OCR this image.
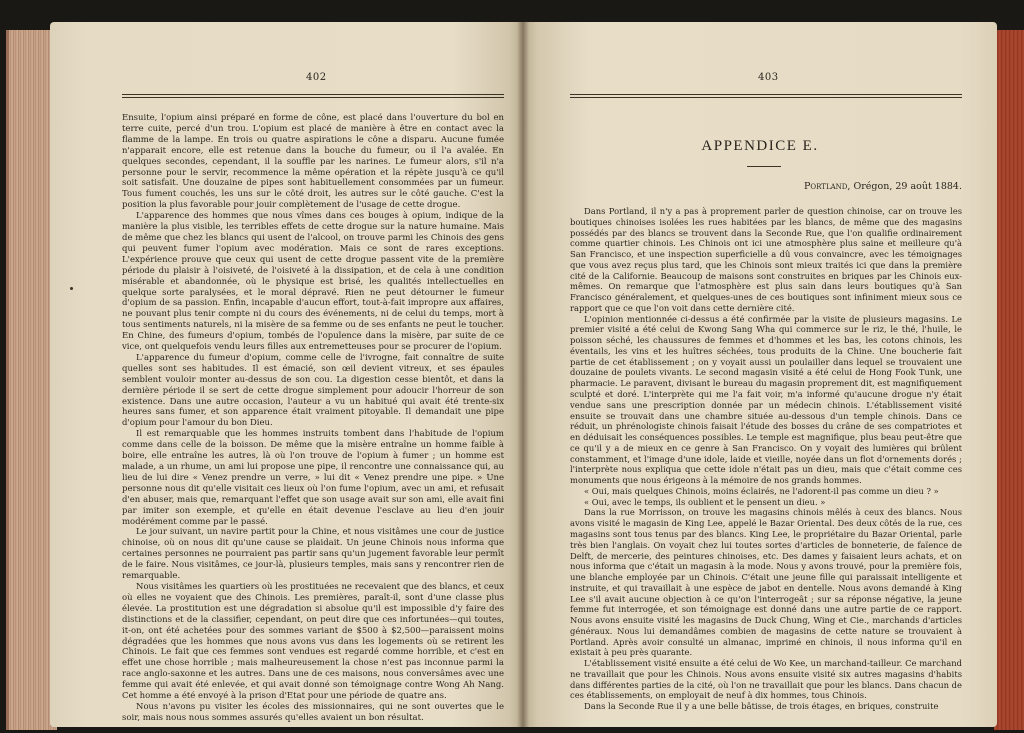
402

Ensuite, l'opium ainsi préparé en forme de cône, est placé dans l'ouverture du bol en terre cuite, percé d'un trou. L'opium est placé de manière à être en contact avec la flamme de la lampe. En trois ou quatre aspirations le cône a disparu. Aucune fumée n'apparait encore, elle est retenue dans la bouche du fumeur, ou il l'a avalée. En quelques secondes, cependant, il la souffle par les narines. Le fumeur alors, s'il n'a personne pour le servir, recommence la même opération et la répète jusqu'à ce qu'il soit satisfait. Une douzaine de pipes sont habituellement consommées par un fumeur. Tous fument couchés, les uns sur le côté droit, les autres sur le côté gauche. C'est la position la plus favorable pour jouir complètement de l'usage de cette drogue.

L'apparence des hommes que nous vîmes dans ces bouges à opium, indique de la manière la plus visible, les terribles effets de cette drogue sur la nature humaine. Mais de même que chez les blancs qui usent de l'alcool, on trouve parmi les Chinois des gens qui peuvent fumer l'opium avec modération. Mais ce sont de rares exceptions. L'expérience prouve que ceux qui usent de cette drogue passent vite de la première période du plaisir à l'oisiveté, de l'oisiveté à la dissipation, et de cela à une condition misérable et abandonnée, où le physique est brisé, les qualités intellectuelles en quelque sorte paralysées, et le moral dépravé. Rien ne peut détourner le fumeur d'opium de sa passion. Enfin, incapable d'aucun effort, tout-à-fait impropre aux affaires, ne pouvant plus tenir compte ni du cours des événements, ni de celui du temps, mort à tous sentiments naturels, ni la misère de sa femme ou de ses enfants ne peut le toucher. En Chine, des fumeurs d'opium, tombés de l'opulence dans la misère, par suite de ce vice, ont quelquefois vendu leurs filles aux entremetteuses pour se procurer de l'opium.

L'apparence du fumeur d'opium, comme celle de l'ivrogne, fait connaître de suite quelles sont ses habitudes. Il est émacié, son œil devient vitreux, et ses épaules semblent vouloir monter au-dessus de son cou. La digestion cesse bientôt, et dans la dernière période il se sert de cette drogue simplement pour adoucir l'horreur de son existence. Dans une autre occasion, l'auteur a vu un habitué qui avait été trente-six heures sans fumer, et son apparence était vraiment pitoyable. Il demandait une pipe d'opium pour l'amour du bon Dieu.

Il est remarquable que les hommes instruits tombent dans l'habitude de l'opium comme dans celle de la boisson. De même que la misère entraîne un homme faible à boire, elle entraîne les autres, là où l'on trouve de l'opium à fumer ; un homme est malade, a un rhume, un ami lui propose une pipe, il rencontre une connaissance qui, au lieu de lui dire « Venez prendre un verre, » lui dit « Venez prendre une pipe. » Une personne nous dit qu'elle visitait ces lieux où l'on fume l'opium, avec un ami, et refusait d'en abuser, mais que, remarquant l'effet que son usage avait sur son ami, elle avait fini par imiter son exemple, et qu'elle en était devenue l'esclave au lieu d'en jouir modérément comme par le passé.

Le jour suivant, un navire partit pour la Chine, et nous visitâmes une cour de justice chinoise, où on nous dit qu'une cause se plaidait. Un jeune Chinois nous informa que certaines personnes ne pourraient pas partir sans qu'un jugement favorable leur permît de le faire. Nous visitâmes, ce jour-là, plusieurs temples, mais sans y rencontrer rien de remarquable.

Nous visitâmes les quartiers où les prostituées ne recevaient que des blancs, et ceux où elles ne voyaient que des Chinois. Les premières, paraît-il, sont d'une classe plus élevée. La prostitution est une dégradation si absolue qu'il est impossible d'y faire des distinctions et de la classifier, cependant, on peut dire que ces infortunées—qui toutes, it-on, ont été achetées pour des sommes variant de $500 à $2,500—paraissent moins dégradées que les hommes que nous avons vus dans les logements où se retirent les Chinois. Le fait que ces femmes sont vendues est regardé comme horrible, et c'est en effet une chose horrible ; mais malheureusement la chose n'est pas inconnue parmi la race anglo-saxonne et les autres. Dans une de ces maisons, nous conversâmes avec une femme qui avait été enlevée, et qui avait donné son témoignage contre Wong Ah Nang. Cet homme a été envoyé à la prison d'Etat pour une période de quatre ans.

Nous n'avons pu visiter les écoles des missionnaires, qui ne sont ouvertes que le soir, mais nous nous sommes assurés qu'elles avaient un bon résultat.

403
APPENDICE E.
Portland, Orégon, 29 août 1884.

Dans Portland, il n'y a pas à proprement parler de question chinoise, car on trouve les boutiques chinoises isolées les rues habitées par les blancs, de même que des magasins possédés par des blancs se trouvent dans la Seconde Rue, que l'on qualifie ordinairement comme quartier chinois. Les Chinois ont ici une atmosphère plus saine et meilleure qu'à San Francisco, et une inspection superficielle a dû vous convaincre, avec les témoignages que vous avez reçus plus tard, que les Chinois sont mieux traités ici que dans la première cité de la Californie. Beaucoup de maisons sont construites en briques par les Chinois eux-mêmes. On remarque que l'atmosphère est plus sain dans leurs boutiques qu'à San Francisco généralement, et quelques-unes de ces boutiques sont infiniment mieux sous ce rapport que ce que l'on voit dans cette dernière cité.

L'opinion mentionnée ci-dessus a été confirmée par la visite de plusieurs magasins. Le premier visité a été celui de Kwong Sang Wha qui commerce sur le riz, le thé, l'huile, le poisson séché, les chaussures de femmes et d'hommes et les bas, les cotons chinois, les éventails, les vins et les huîtres séchées, tous produits de la Chine. Une boucherie fait partie de cet établissement ; on y voyait aussi un poulailler dans lequel se trouvaient une douzaine de poulets vivants. Le second magasin visité a été celui de Hong Fook Tunk, une pharmacie. Le paravent, divisant le bureau du magasin proprement dit, est magnifiquement sculpté et doré. L'interprète qui me l'a fait voir, m'a informé qu'aucune drogue n'y était vendue sans une prescription donnée par un médecin chinois. L'établissement visité ensuite se trouvait dans une chambre située au-dessous d'un temple chinois. Dans ce réduit, un phrénologiste chinois faisait l'étude des bosses du crâne de ses compatriotes et en déduisait les conséquences possibles. Le temple est magnifique, plus beau peut-être que ce qu'il y a de mieux en ce genre à San Francisco. On y voyait des lumières qui brûlent constamment, et l'image d'une idole, laide et vieille, noyée dans un flot d'ornements dorés ; l'interprète nous expliqua que cette idole n'était pas un dieu, mais que c'était comme ces monuments que nous érigeons à la mémoire de nos grands hommes.

« Oui, mais quelques Chinois, moins éclairés, ne l'adorent-il pas comme un dieu ? »

« Oui, avec le temps, ils oublient et le pensent un dieu. »

Dans la rue Morrisson, on trouve les magasins chinois mêlés à ceux des blancs. Nous avons visité le magasin de King Lee, appelé le Bazar Oriental. Des deux côtés de la rue, ces magasins sont tous tenus par des blancs. King Lee, le propriétaire du Bazar Oriental, parle très bien l'anglais. On voyait chez lui toutes sortes d'articles de bonneterie, de faïence de Delft, de mercerie, des peintures chinoises, etc. Des dames y faisaient leurs achats, et on nous informa que c'était un magasin à la mode. Nous y avons trouvé, pour la première fois, une blanche employée par un Chinois. C'était une jeune fille qui paraissait intelligente et instruite, et qui travaillait à une espèce de jabot en dentelle. Nous avons demandé à King Lee s'il avait aucune objection à ce qu'on l'interrogeât ; sur sa réponse négative, la jeune femme fut interrogée, et son témoignage est donné dans une autre partie de ce rapport. Nous avons ensuite visité les magasins de Duck Chung, Wing et Cie., marchands d'articles généraux. Nous lui demandâmes combien de magasins de cette nature se trouvaient à Portland. Après avoir consulté un almanac, imprimé en chinois, il nous informa qu'il en existait à peu près quarante.

L'établissement visité ensuite a été celui de Wo Kee, un marchand-tailleur. Ce marchand ne travaillait que pour les Chinois. Nous avons ensuite visité six autres magasins d'habits dans différentes parties de la cité, où l'on ne travaillait que pour les blancs. Dans chacun de ces établissements, on employait de neuf à dix hommes, tous Chinois.

Dans la Seconde Rue il y a une belle bâtisse, de trois étages, en briques, construite
